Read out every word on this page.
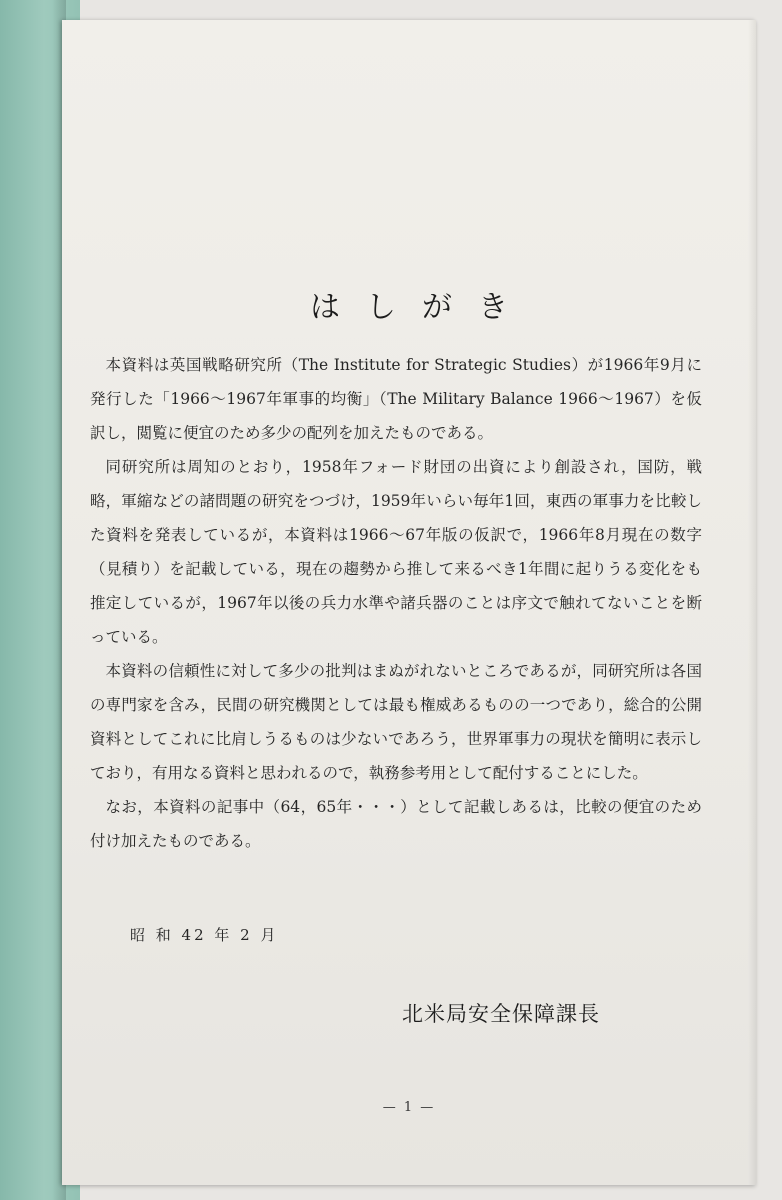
はしがき

本資料は英国戦略研究所（The Institute for Strategic Studies）が1966年9月に発行した「1966～1967年軍事的均衡」（The Military Balance 1966～1967）を仮訳し，閲覧に便宜のため多少の配列を加えたものである。

同研究所は周知のとおり，1958年フォード財団の出資により創設され，国防，戦略，軍縮などの諸問題の研究をつづけ，1959年いらい毎年1回，東西の軍事力を比較した資料を発表しているが，本資料は1966～67年版の仮訳で，1966年8月現在の数字（見積り）を記載している，現在の趨勢から推して来るべき1年間に起りうる変化をも推定しているが，1967年以後の兵力水準や諸兵器のことは序文で触れてないことを断っている。

本資料の信頼性に対して多少の批判はまぬがれないところであるが，同研究所は各国の専門家を含み，民間の研究機関としては最も権威あるものの一つであり，総合的公開資料としてこれに比肩しうるものは少ないであろう，世界軍事力の現状を簡明に表示しており，有用なる資料と思われるので，執務参考用として配付することにした。

なお，本資料の記事中（64，65年・・・）として記載しあるは，比較の便宜のため付け加えたものである。

昭 和 42 年 2 月
北米局安全保障課長
— 1 —
